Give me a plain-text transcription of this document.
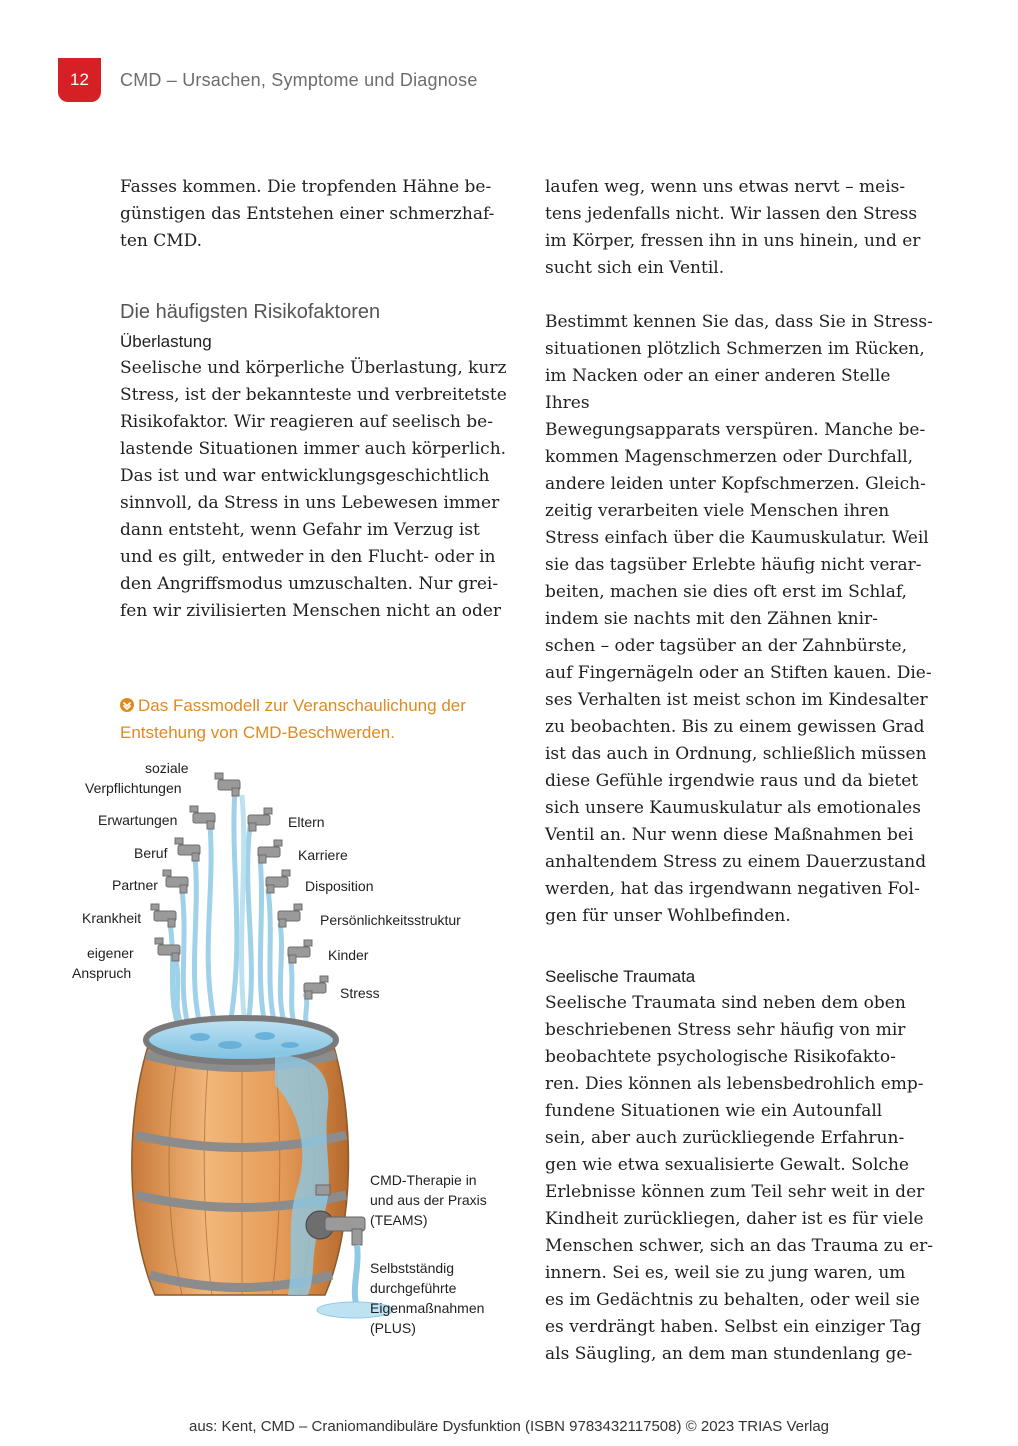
12	CMD – Ursachen, Symptome und Diagnose

Fasses kommen. Die tropfenden Hähne be-
günstigen das Entstehen einer schmerzhaf-
ten CMD.

Die häufigsten Risikofaktoren
Überlastung

Seelische und körperliche Überlastung, kurz
Stress, ist der bekannteste und verbreitetste
Risikofaktor. Wir reagieren auf seelisch be-
lastende Situationen immer auch körperlich.
Das ist und war entwicklungsgeschichtlich
sinnvoll, da Stress in uns Lebewesen immer
dann entsteht, wenn Gefahr im Verzug ist
und es gilt, entweder in den Flucht- oder in
den Angriffsmodus umzuschalten. Nur grei-
fen wir zivilisierten Menschen nicht an oder

Das Fassmodell zur Veranschaulichung der
Entstehung von CMD-Beschwerden.
soziale
Verpflichtungen
Erwartungen
Beruf
Partner
Krankheit
eigener
Anspruch
Eltern
Karriere
Disposition
Persönlichkeitsstruktur
Kinder
Stress
CMD-Therapie in
und aus der Praxis
(TEAMS)
Selbstständig
durchgeführte
Eigenmaßnahmen
(PLUS)

laufen weg, wenn uns etwas nervt – meis-
tens jedenfalls nicht. Wir lassen den Stress
im Körper, fressen ihn in uns hinein, und er
sucht sich ein Ventil.

Bestimmt kennen Sie das, dass Sie in Stress-
situationen plötzlich Schmerzen im Rücken,
im Nacken oder an einer anderen Stelle Ihres
Bewegungsapparats verspüren. Manche be-
kommen Magenschmerzen oder Durchfall,
andere leiden unter Kopfschmerzen. Gleich-
zeitig verarbeiten viele Menschen ihren
Stress einfach über die Kaumuskulatur. Weil
sie das tagsüber Erlebte häufig nicht verar-
beiten, machen sie dies oft erst im Schlaf,
indem sie nachts mit den Zähnen knir-
schen – oder tagsüber an der Zahnbürste,
auf Fingernägeln oder an Stiften kauen. Die-
ses Verhalten ist meist schon im Kindesalter
zu beobachten. Bis zu einem gewissen Grad
ist das auch in Ordnung, schließlich müssen
diese Gefühle irgendwie raus und da bietet
sich unsere Kaumuskulatur als emotionales
Ventil an. Nur wenn diese Maßnahmen bei
anhaltendem Stress zu einem Dauerzustand
werden, hat das irgendwann negativen Fol-
gen für unser Wohlbefinden.

Seelische Traumata

Seelische Traumata sind neben dem oben
beschriebenen Stress sehr häufig von mir
beobachtete psychologische Risikofakto-
ren. Dies können als lebensbedrohlich emp-
fundene Situationen wie ein Autounfall
sein, aber auch zurückliegende Erfahrun-
gen wie etwa sexualisierte Gewalt. Solche
Erlebnisse können zum Teil sehr weit in der
Kindheit zurückliegen, daher ist es für viele
Menschen schwer, sich an das Trauma zu er-
innern. Sei es, weil sie zu jung waren, um
es im Gedächtnis zu behalten, oder weil sie
es verdrängt haben. Selbst ein einziger Tag
als Säugling, an dem man stundenlang ge-

aus: Kent, CMD – Craniomandibuläre Dysfunktion (ISBN 9783432117508) © 2023 TRIAS Verlag
